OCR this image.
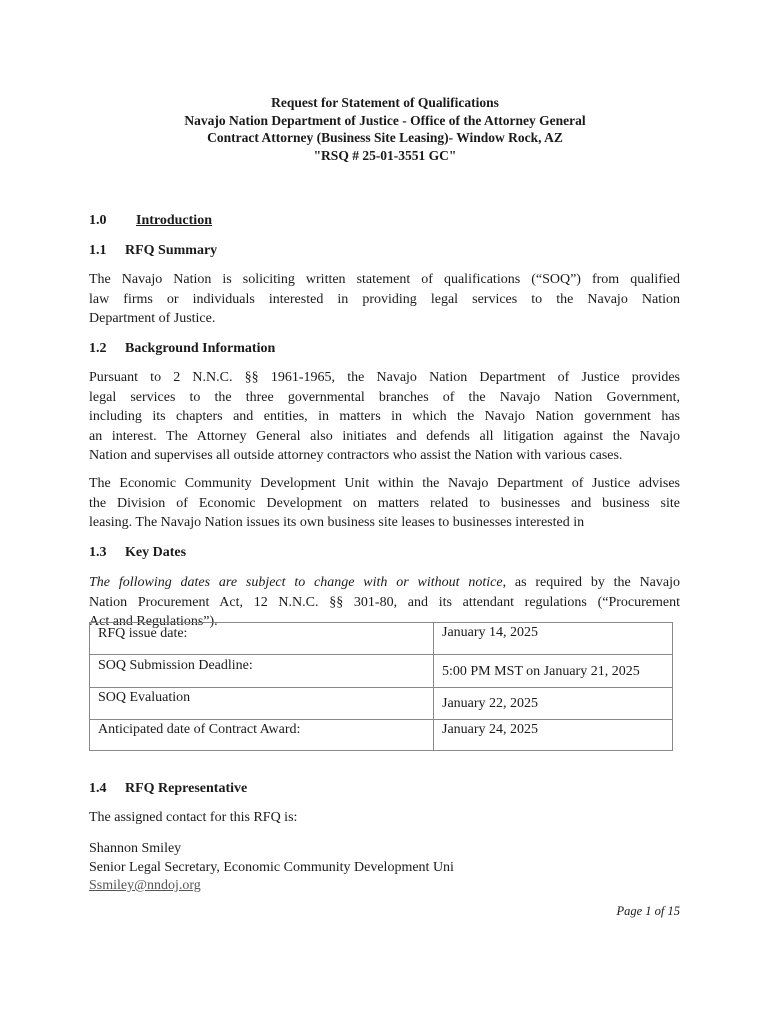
Request for Statement of Qualifications
Navajo Nation Department of Justice - Office of the Attorney General
Contract Attorney (Business Site Leasing)- Window Rock, AZ
"RSQ # 25-01-3551 GC"
1.0 Introduction
1.1 RFQ Summary
The Navajo Nation is soliciting written statement of qualifications (“SOQ”) from qualified
law firms or individuals interested in providing legal services to the Navajo Nation
Department of Justice.
1.2 Background Information
Pursuant to 2 N.N.C. §§ 1961-1965, the Navajo Nation Department of Justice provides
legal services to the three governmental branches of the Navajo Nation Government,
including its chapters and entities, in matters in which the Navajo Nation government has
an interest. The Attorney General also initiates and defends all litigation against the Navajo
Nation and supervises all outside attorney contractors who assist the Nation with various cases.
The Economic Community Development Unit within the Navajo Department of Justice advises
the Division of Economic Development on matters related to businesses and business site
leasing. The Navajo Nation issues its own business site leases to businesses interested in
1.3 Key Dates
The following dates are subject to change with or without notice, as required by the Navajo
Nation Procurement Act, 12 N.N.C. §§ 301-80, and its attendant regulations (“Procurement
Act and Regulations”).
RFQ issue date:	January 14, 2025
SOQ Submission Deadline:	5:00 PM MST on January 21, 2025
SOQ Evaluation	January 22, 2025
Anticipated date of Contract Award:	January 24, 2025
1.4 RFQ Representative
The assigned contact for this RFQ is:
Shannon Smiley
Senior Legal Secretary, Economic Community Development Uni
Ssmiley@nndoj.org
Page 1 of 15
